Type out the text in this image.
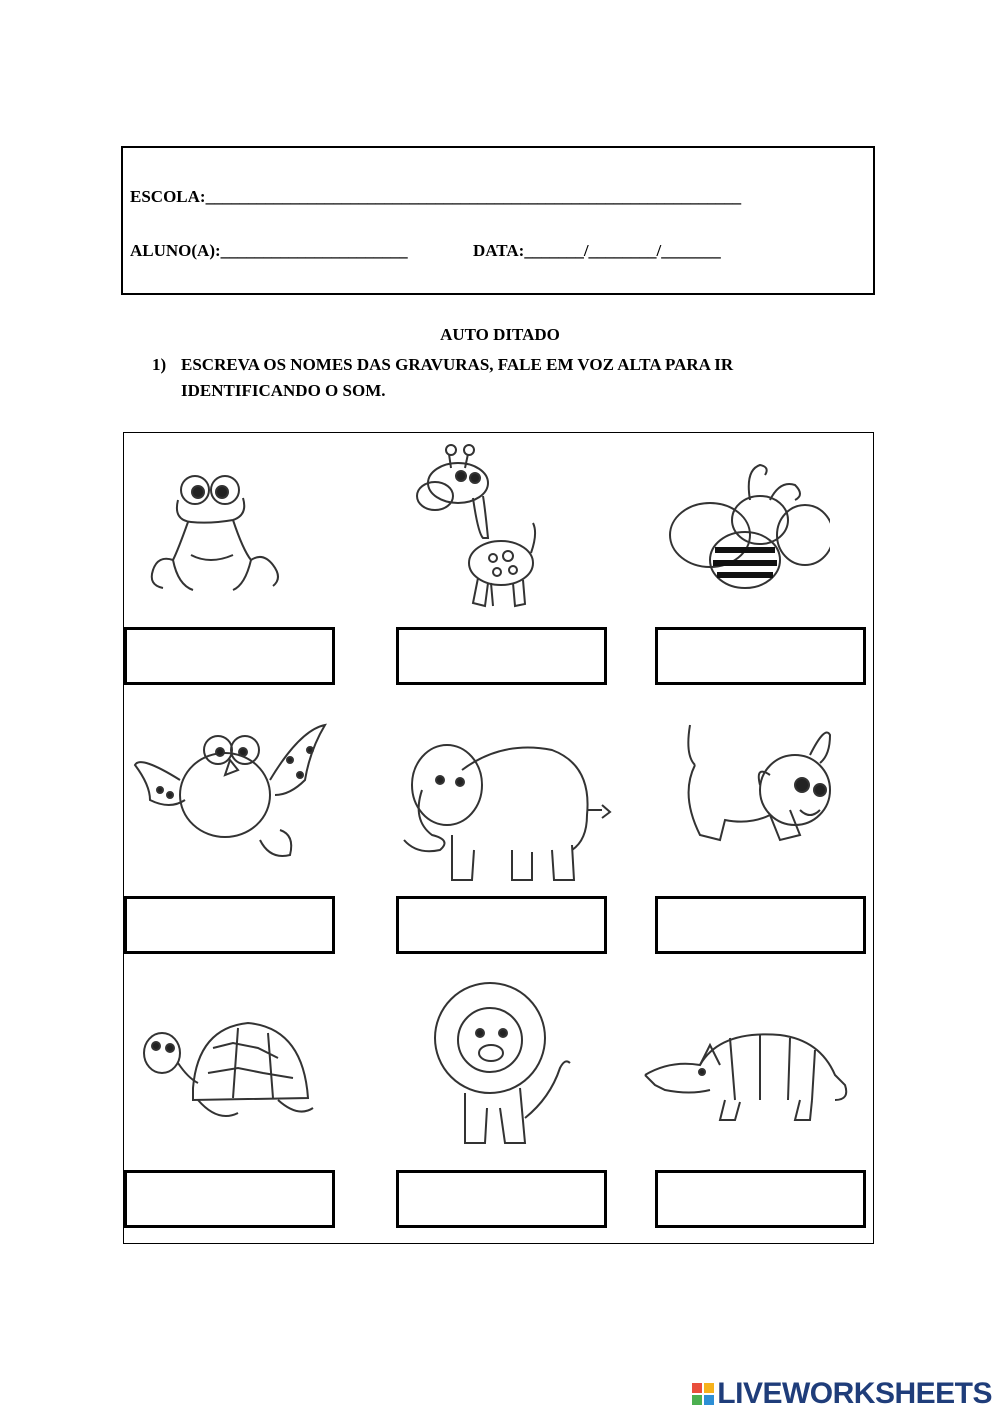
ESCOLA:_______________________________________________________________
ALUNO(A):______________________	DATA:_______/________/_______
AUTO DITADO
1) ESCREVA OS NOMES DAS GRAVURAS, FALE EM VOZ ALTA PARA IR IDENTIFICANDO O SOM.
LIVEWORKSHEETS
